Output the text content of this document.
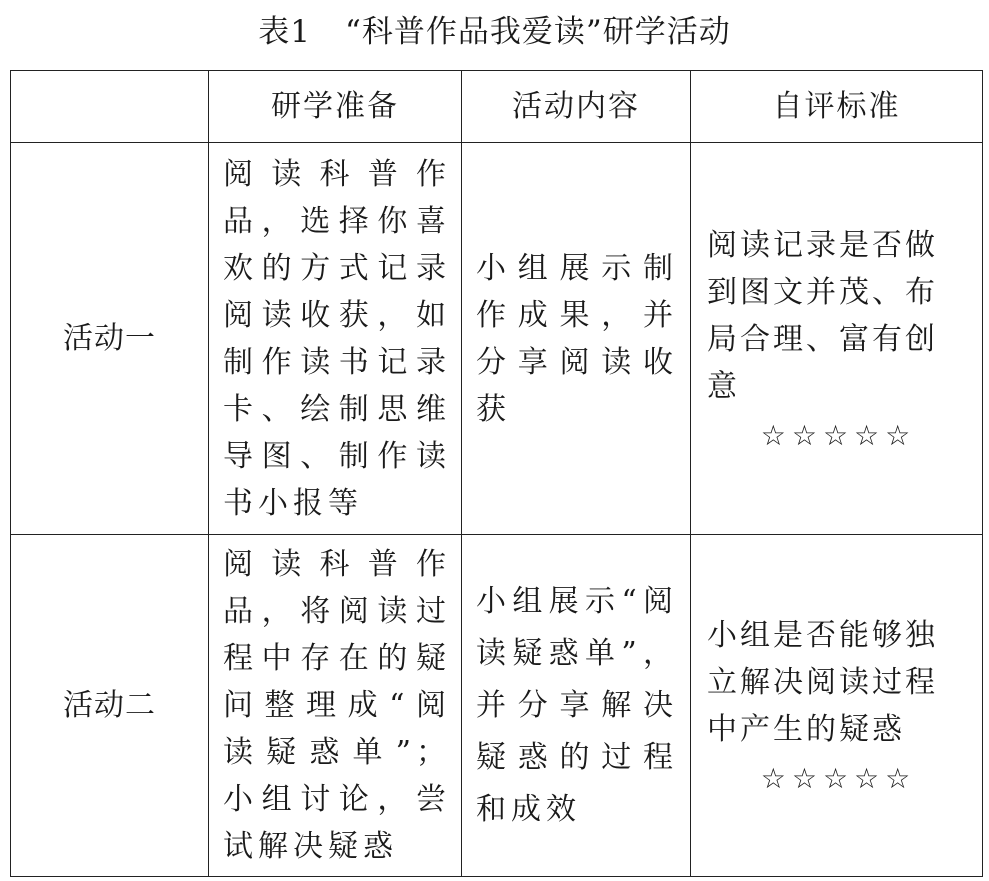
表1 “科普作品我爱读”研学活动
	研学准备	活动内容	自评标准
活动一	阅读科普作品，选择你喜欢的方式记录阅读收获，如制作读书记录卡、绘制思维导图、制作读书小报等	小组展示制作成果，并分享阅读收获	阅读记录是否做到图文并茂、布局合理、富有创意
☆☆☆☆☆

活动二	阅读科普作品，将阅读过程中存在的疑问整理成“阅读疑惑单”；小组讨论，尝试解决疑惑	小组展示“阅读疑惑单”，并分享解决疑惑的过程和成效	小组是否能够独立解决阅读过程中产生的疑惑
☆☆☆☆☆
